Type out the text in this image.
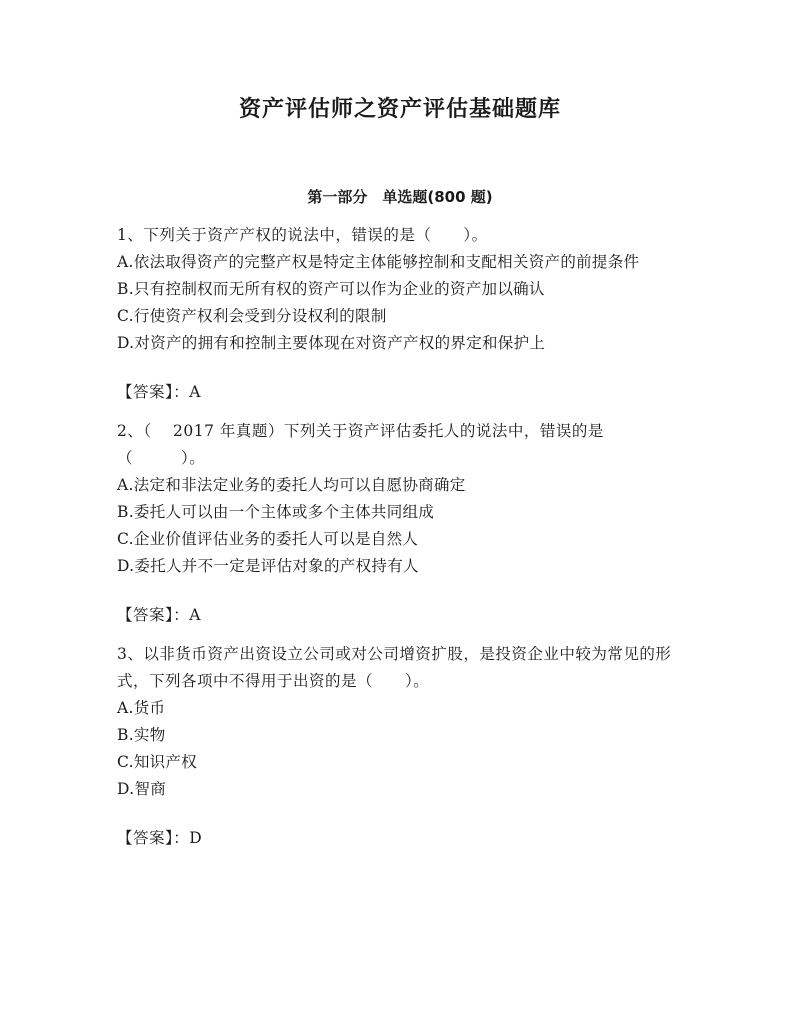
资产评估师之资产评估基础题库
第一部分　单选题(800 题)

1、下列关于资产产权的说法中，错误的是（　　）。

A.依法取得资产的完整产权是特定主体能够控制和支配相关资产的前提条件

B.只有控制权而无所有权的资产可以作为企业的资产加以确认

C.行使资产权利会受到分设权利的限制

D.对资产的拥有和控制主要体现在对资产产权的界定和保护上

【答案】：A

2、（　 2017 年真题）下列关于资产评估委托人的说法中，错误的是（　　　）。

A.法定和非法定业务的委托人均可以自愿协商确定

B.委托人可以由一个主体或多个主体共同组成

C.企业价值评估业务的委托人可以是自然人

D.委托人并不一定是评估对象的产权持有人

【答案】：A

3、以非货币资产出资设立公司或对公司增资扩股，是投资企业中较为常见的形式，下列各项中不得用于出资的是（　　）。

A.货币

B.实物

C.知识产权

D.智商

【答案】：D
